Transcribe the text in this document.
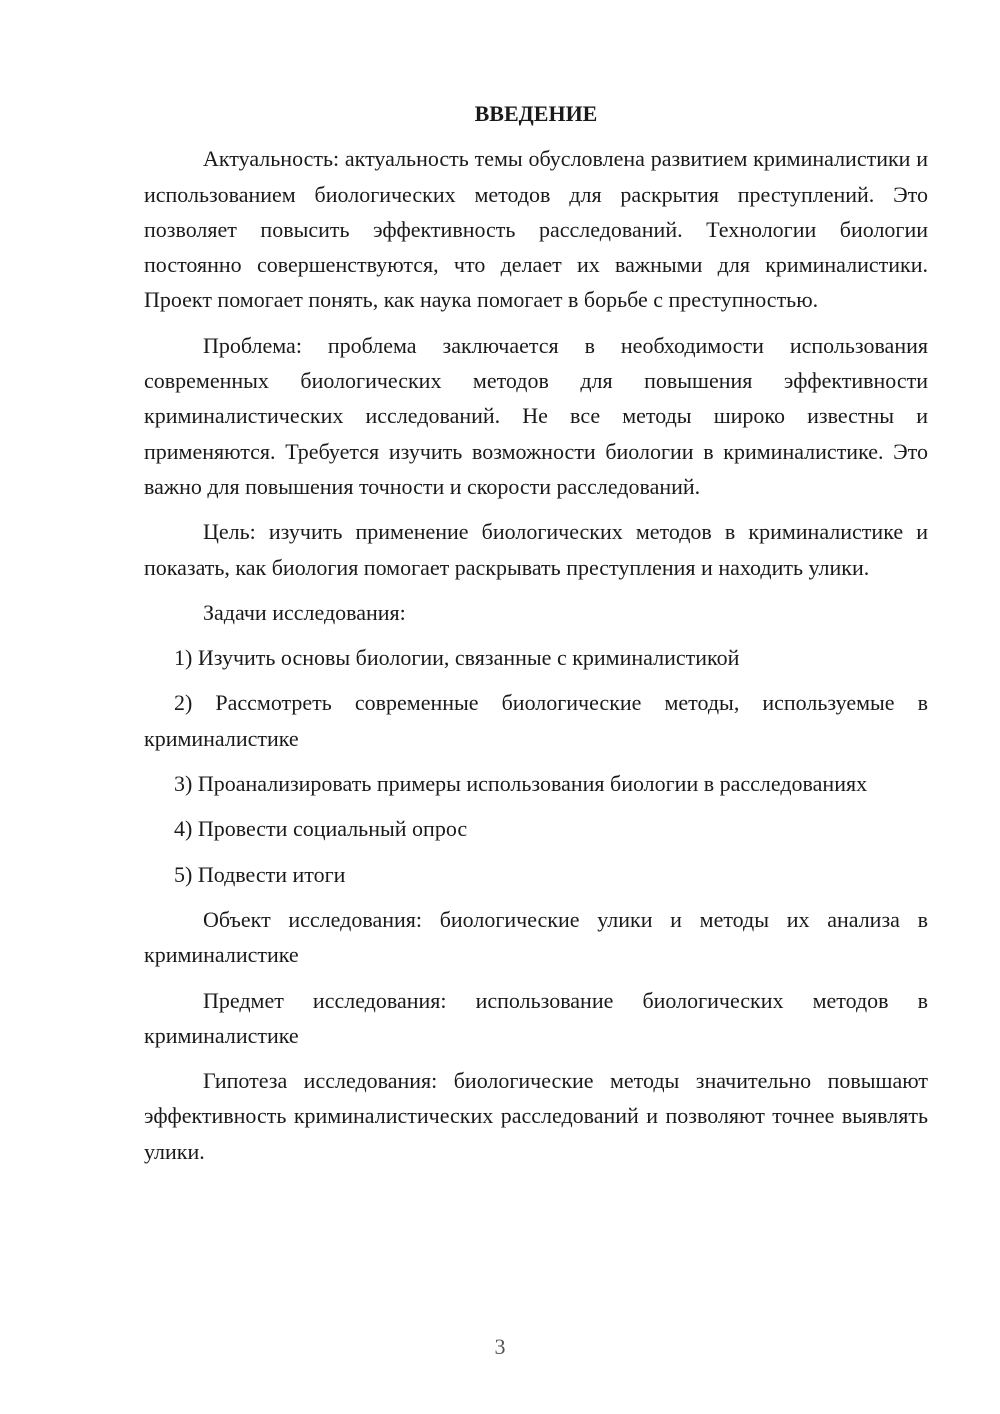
ВВЕДЕНИЕ

Актуальность: актуальность темы обусловлена развитием криминалистики и использованием биологических методов для раскрытия преступлений. Это позволяет повысить эффективность расследований. Технологии биологии постоянно совершенствуются, что делает их важными для криминалистики. Проект помогает понять, как наука помогает в борьбе с преступностью.

Проблема: проблема заключается в необходимости использования современных биологических методов для повышения эффективности криминалистических исследований. Не все методы широко известны и применяются. Требуется изучить возможности биологии в криминалистике. Это важно для повышения точности и скорости расследований.

Цель: изучить применение биологических методов в криминалистике и показать, как биология помогает раскрывать преступления и находить улики.

Задачи исследования:

1) Изучить основы биологии, связанные с криминалистикой

2) Рассмотреть современные биологические методы, используемые в криминалистике

3) Проанализировать примеры использования биологии в расследованиях

4) Провести социальный опрос

5) Подвести итоги

Объект исследования: биологические улики и методы их анализа в криминалистике

Предмет исследования: использование биологических методов в криминалистике

Гипотеза исследования: биологические методы значительно повышают эффективность криминалистических расследований и позволяют точнее выявлять улики.

3
